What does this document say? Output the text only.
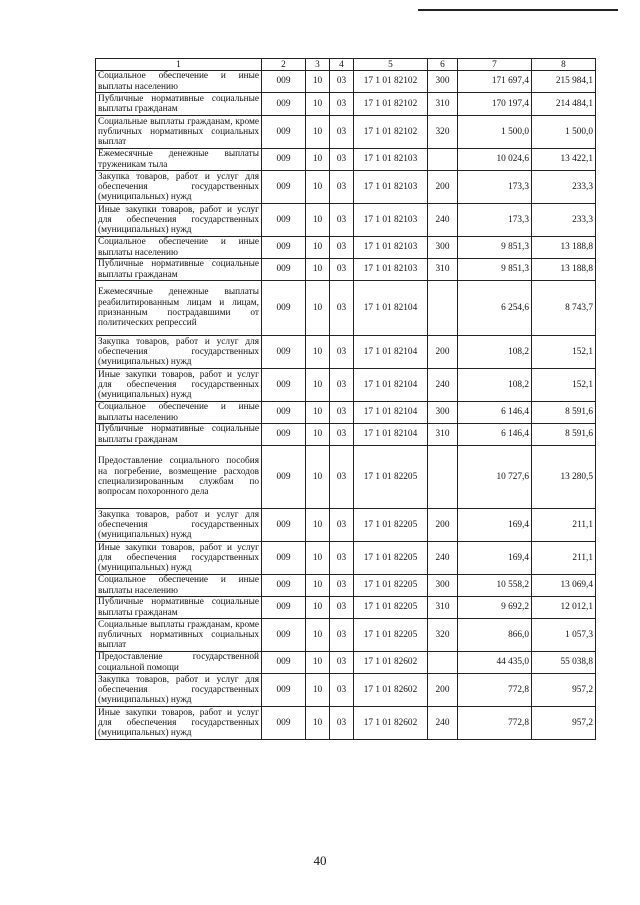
1	2	3	4	5	6	7	8
Социальное обеспечение и иные выплаты населению	009	10	03	17 1 01 82102	300	171 697,4	215 984,1
Публичные нормативные социальные выплаты гражданам	009	10	03	17 1 01 82102	310	170 197,4	214 484,1
Социальные выплаты гражданам, кроме публичных нормативных социальных выплат	009	10	03	17 1 01 82102	320	1 500,0	1 500,0
Ежемесячные денежные выплаты труженикам тыла	009	10	03	17 1 01 82103		10 024,6	13 422,1
Закупка товаров, работ и услуг для обеспечения государственных (муниципальных) нужд	009	10	03	17 1 01 82103	200	173,3	233,3
Иные закупки товаров, работ и услуг для обеспечения государственных (муниципальных) нужд	009	10	03	17 1 01 82103	240	173,3	233,3
Социальное обеспечение и иные выплаты населению	009	10	03	17 1 01 82103	300	9 851,3	13 188,8
Публичные нормативные социальные выплаты гражданам	009	10	03	17 1 01 82103	310	9 851,3	13 188,8
Ежемесячные денежные выплаты реабилитированным лицам и лицам, признанным пострадавшими от политических репрессий	009	10	03	17 1 01 82104		6 254,6	8 743,7
Закупка товаров, работ и услуг для обеспечения государственных (муниципальных) нужд	009	10	03	17 1 01 82104	200	108,2	152,1
Иные закупки товаров, работ и услуг для обеспечения государственных (муниципальных) нужд	009	10	03	17 1 01 82104	240	108,2	152,1
Социальное обеспечение и иные выплаты населению	009	10	03	17 1 01 82104	300	6 146,4	8 591,6
Публичные нормативные социальные выплаты гражданам	009	10	03	17 1 01 82104	310	6 146,4	8 591,6
Предоставление социального пособия на погребение, возмещение расходов специализированным службам по вопросам похоронного дела	009	10	03	17 1 01 82205		10 727,6	13 280,5
Закупка товаров, работ и услуг для обеспечения государственных (муниципальных) нужд	009	10	03	17 1 01 82205	200	169,4	211,1
Иные закупки товаров, работ и услуг для обеспечения государственных (муниципальных) нужд	009	10	03	17 1 01 82205	240	169,4	211,1
Социальное обеспечение и иные выплаты населению	009	10	03	17 1 01 82205	300	10 558,2	13 069,4
Публичные нормативные социальные выплаты гражданам	009	10	03	17 1 01 82205	310	9 692,2	12 012,1
Социальные выплаты гражданам, кроме публичных нормативных социальных выплат	009	10	03	17 1 01 82205	320	866,0	1 057,3
Предоставление государственной социальной помощи	009	10	03	17 1 01 82602		44 435,0	55 038,8
Закупка товаров, работ и услуг для обеспечения государственных (муниципальных) нужд	009	10	03	17 1 01 82602	200	772,8	957,2
Иные закупки товаров, работ и услуг для обеспечения государственных (муниципальных) нужд	009	10	03	17 1 01 82602	240	772,8	957,2
40
